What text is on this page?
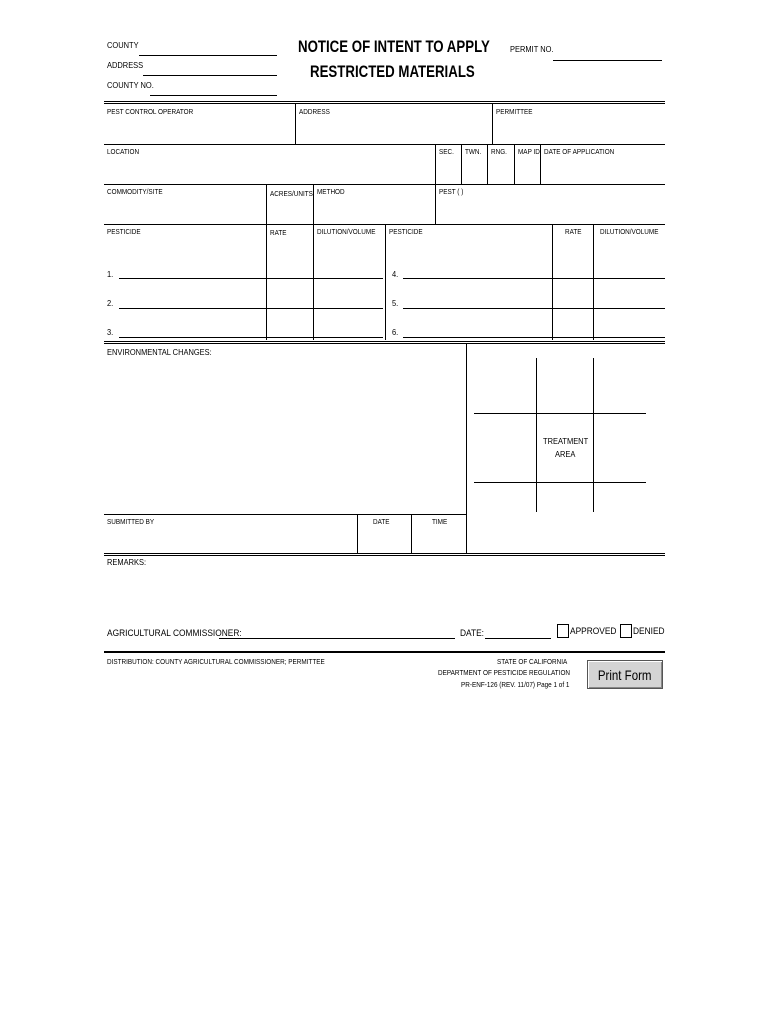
COUNTY
ADDRESS
COUNTY NO.
NOTICE OF INTENT TO APPLY
RESTRICTED MATERIALS
PERMIT NO.
PEST CONTROL OPERATOR	ADDRESS	PERMITTEE
LOCATION	SEC. TWN. RNG. MAP ID DATE OF APPLICATION
COMMODITY/SITE	ACRES/UNITS METHOD	PEST ( )
PESTICIDE	RATE	DILUTION/VOLUME PESTICIDE	RATE DILUTION/VOLUME
1.	4.
2.	5.
3.	6.
ENVIRONMENTAL CHANGES:
TREATMENT
AREA
SUBMITTED BY	DATE	TIME
REMARKS:
AGRICULTURAL COMMISSIONER:	DATE:	APPROVED DENIED
DISTRIBUTION: COUNTY AGRICULTURAL COMMISSIONER; PERMITTEE	STATE OF CALIFORNIA
DEPARTMENT OF PESTICIDE REGULATION
PR-ENF-126 (REV. 11/07) Page 1 of 1
Print Form
